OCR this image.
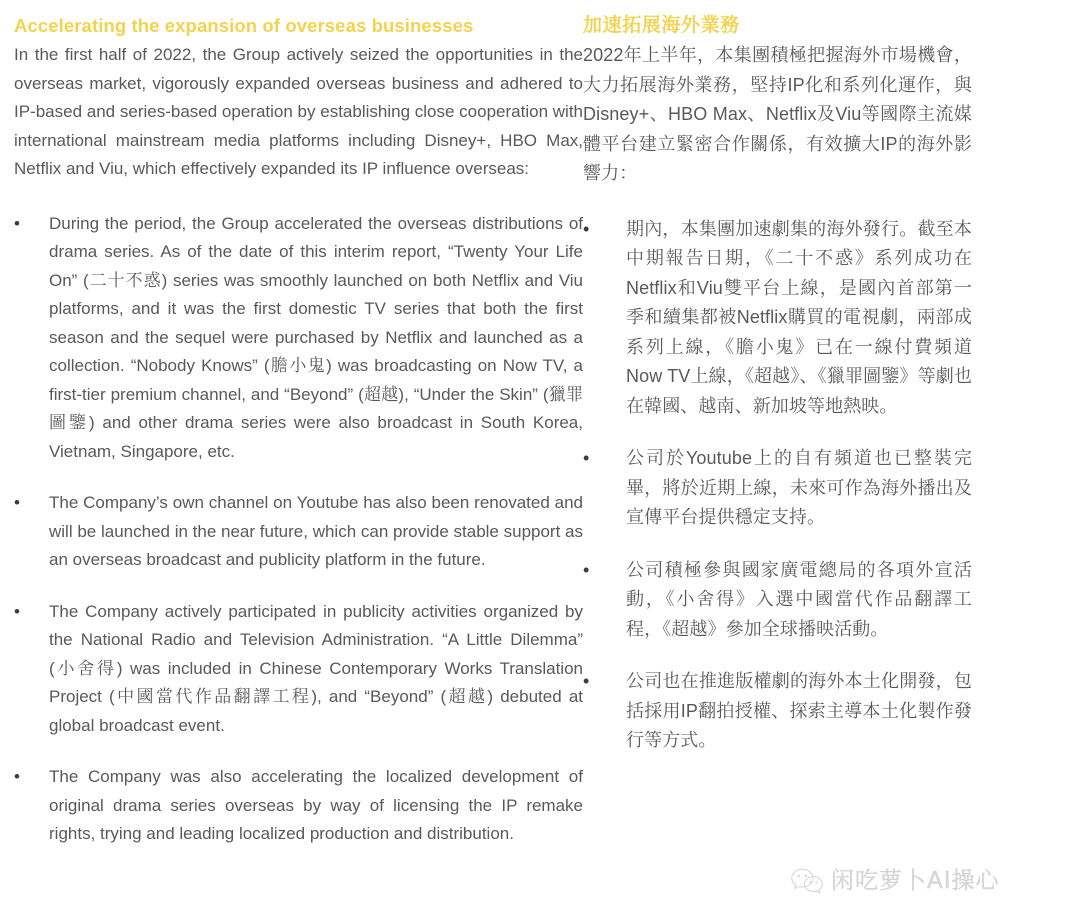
Accelerating the expansion of overseas businesses

In the first half of 2022, the Group actively seized the opportunities in the overseas market, vigorously expanded overseas business and adhered to IP-based and series-based operation by establishing close cooperation with international mainstream media platforms including Disney+, HBO Max, Netflix and Viu, which effectively expanded its IP influence overseas:

•	During the period, the Group accelerated the overseas distributions of drama series. As of the date of this interim report, “Twenty Your Life On” (二十不惑) series was smoothly launched on both Netflix and Viu platforms, and it was the first domestic TV series that both the first season and the sequel were purchased by Netflix and launched as a collection. “Nobody Knows” (膽小鬼) was broadcasting on Now TV, a first-tier premium channel, and “Beyond” (超越), “Under the Skin” (獵罪圖鑒) and other drama series were also broadcast in South Korea, Vietnam, Singapore, etc.
•	The Company’s own channel on Youtube has also been renovated and will be launched in the near future, which can provide stable support as an overseas broadcast and publicity platform in the future.
•	The Company actively participated in publicity activities organized by the National Radio and Television Administration. “A Little Dilemma” (小舍得) was included in Chinese Contemporary Works Translation Project (中國當代作品翻譯工程), and “Beyond” (超越) debuted at global broadcast event.
•	The Company was also accelerating the localized development of original drama series overseas by way of licensing the IP remake rights, trying and leading localized production and distribution.
加速拓展海外業務

2022年上半年，本集團積極把握海外市場機會，大力拓展海外業務，堅持IP化和系列化運作，與Disney+、HBO Max、Netflix及Viu等國際主流媒體平台建立緊密合作關係，有效擴大IP的海外影響力：

•	期內，本集團加速劇集的海外發行。截至本中期報告日期，《二十不惑》系列成功在Netflix和Viu雙平台上線，是國內首部第一季和續集都被Netflix購買的電視劇，兩部成系列上線，《膽小鬼》已在一線付費頻道Now TV上線，《超越》、《獵罪圖鑒》等劇也在韓國、越南、新加坡等地熱映。
•	公司於Youtube上的自有頻道也已整裝完畢，將於近期上線，未來可作為海外播出及宣傳平台提供穩定支持。
•	公司積極參與國家廣電總局的各項外宣活動，《小舍得》入選中國當代作品翻譯工程，《超越》參加全球播映活動。
•	公司也在推進版權劇的海外本土化開發，包括採用IP翻拍授權、探索主導本土化製作發行等方式。
闲吃萝卜AI操心
